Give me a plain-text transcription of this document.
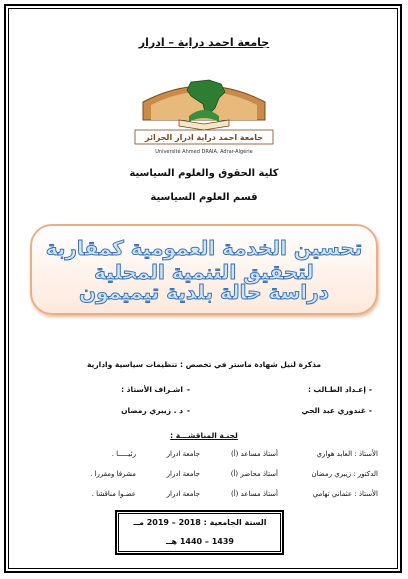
جامعة احمد دراية – ادرار
جامعة احمد دراية ادرار الجزائر
Université Ahmed DRAIA, Adrar-Algérie
كلية الحقوق والعلوم السياسية
قسم العلوم السياسية
تحسين الخدمة العمومية كمقاربة لتحقيق التنمية المحلية
دراسة حالة بلدية تيميمون
مذكرة لنيل شهادة ماستر في تخصص : تنظيمات سياسية وادارية
إعـداد الطـالب : -
اشـراف الأستاذ : -
غندوري عبد الحي -
د . زيبري رمضان -
لجنـة المناقشـــة :
الأستاذ : العابد هواري
أستاذ مساعد (أ)
جامعة ادرار
رئيـــــا .
الدكتور : زيبري رمضان
أستاذ محاضر (أ)
جامعة ادرار
مشرفا ومقررا .
الأستاذ : عثماني تهامي
أستاذ مساعد (أ)
جامعة ادرار
عضـوا مناقشا .
السنة الجامعية : 2018 – 2019 مــ
1439 – 1440 هــ
